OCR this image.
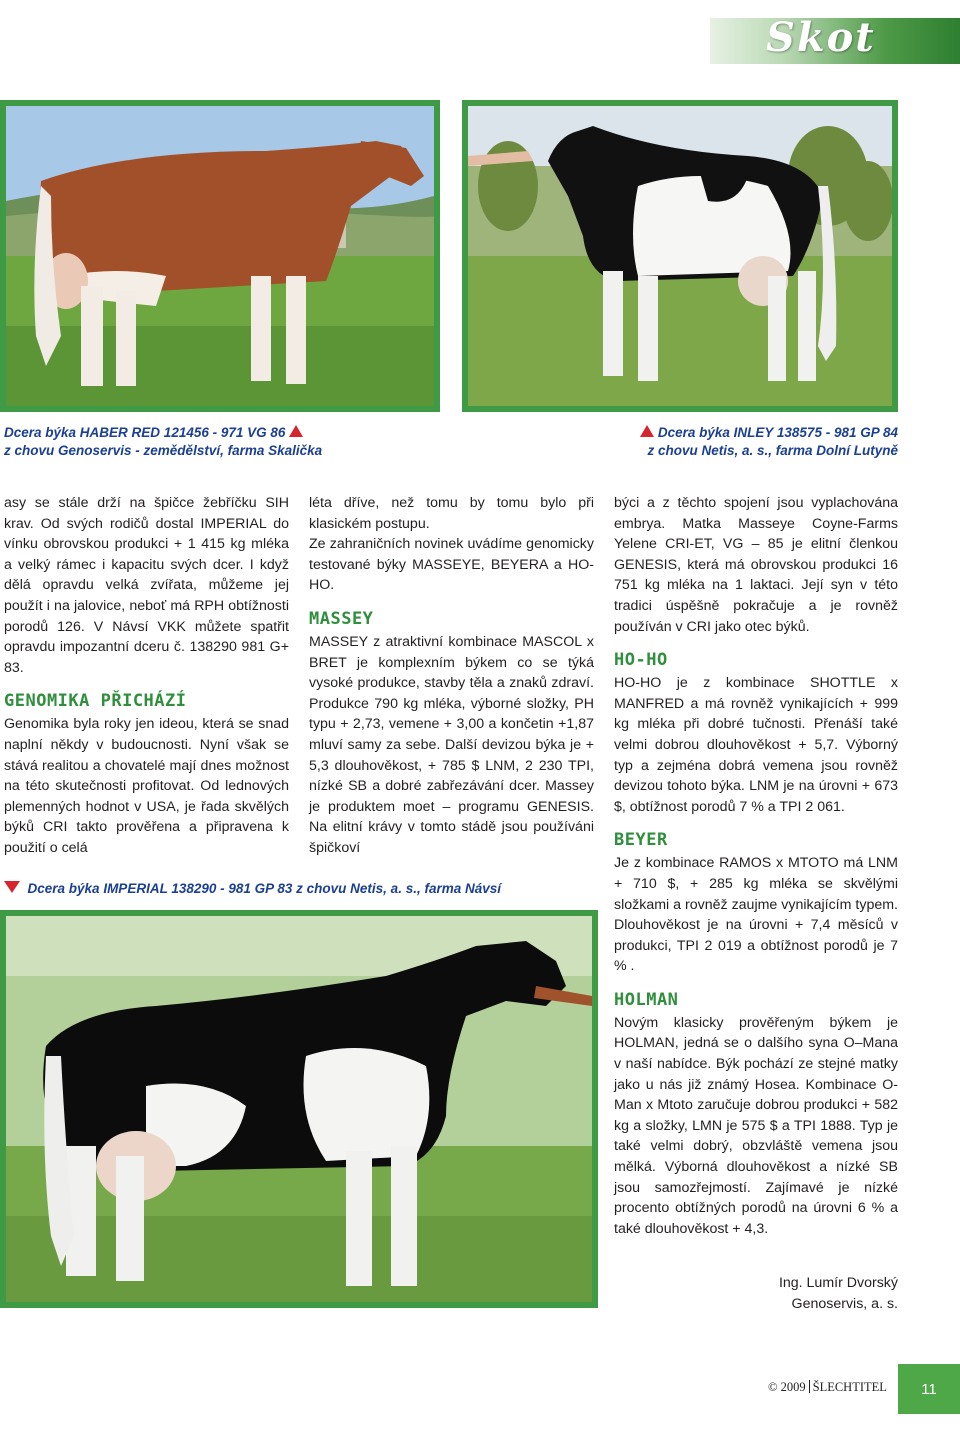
Skot
Dcera býka HABER RED 121456 - 971 VG 86
z chovu Genoservis - zemědělství, farma Skalička
Dcera býka INLEY 138575 - 981 GP 84
z chovu Netis, a. s., farma Dolní Lutyně

asy se stále drží na špičce žebříčku SIH krav. Od svých rodičů dostal IMPERIAL do vínku obrovskou produkci + 1 415 kg mléka a velký rámec i kapacitu svých dcer. I když dělá opravdu velká zvířata, můžeme jej použít i na jalovice, neboť má RPH obtížnosti porodů 126. V Návsí VKK můžete spatřit opravdu impozantní dceru č. 138290 981 G+ 83.

GENOMIKA PŘICHÁZÍ

Genomika byla roky jen ideou, která se snad naplní někdy v budoucnosti. Nyní však se stává realitou a chovatelé mají dnes možnost na této skutečnosti profitovat. Od lednových plemenných hodnot v USA, je řada skvělých býků CRI takto prověřena a připravena k použití o celá

léta dříve, než tomu by tomu bylo při klasickém postupu.

Ze zahraničních novinek uvádíme genomicky testované býky MASSEYE, BEYERA a HO-HO.

MASSEY

MASSEY z atraktivní kombinace MASCOL x BRET je komplexním býkem co se týká vysoké produkce, stavby těla a znaků zdraví. Produkce 790 kg mléka, výborné složky, PH typu + 2,73, vemene + 3,00 a končetin +1,87 mluví samy za sebe. Další devizou býka je + 5,3 dlouhověkost, + 785 $ LNM, 2 230 TPI, nízké SB a dobré zabřezávání dcer. Massey je produktem moet – programu GENESIS. Na elitní krávy v tomto stádě jsou používáni špičkoví

býci a z těchto spojení jsou vyplachována embrya. Matka Masseye Coyne-Farms Yelene CRI-ET, VG – 85 je elitní členkou GENESIS, která má obrovskou produkci 16 751 kg mléka na 1 laktaci. Její syn v této tradici úspěšně pokračuje a je rovněž používán v CRI jako otec býků.

HO-HO

HO-HO je z kombinace SHOTTLE x MANFRED a má rovněž vynikajících + 999 kg mléka při dobré tučnosti. Přenáší také velmi dobrou dlouhověkost + 5,7. Výborný typ a zejména dobrá vemena jsou rovněž devizou tohoto býka. LNM je na úrovni + 673 $, obtížnost porodů 7 % a TPI 2 061.

BEYER

Je z kombinace RAMOS x MTOTO má LNM + 710 $, + 285 kg mléka se skvělými složkami a rovněž zaujme vynikajícím typem. Dlouhověkost je na úrovni + 7,4 měsíců v produkci, TPI 2 019 a obtížnost porodů je 7 % .

HOLMAN

Novým klasicky prověřeným býkem je HOLMAN, jedná se o dalšího syna O–Mana v naší nabídce. Býk pochází ze stejné matky jako u nás již známý Hosea. Kombinace O-Man x Mtoto zaručuje dobrou produkci + 582 kg a složky, LMN je 575 $ a TPI 1888. Typ je také velmi dobrý, obzvláště vemena jsou mělká. Výborná dlouhověkost a nízké SB jsou samozřejmostí. Zajímavé je nízké procento obtížných porodů na úrovni 6 % a také dlouhověkost + 4,3.

Dcera býka IMPERIAL 138290 - 981 GP 83 z chovu Netis, a. s., farma Návsí
Ing. Lumír Dvorský
Genoservis, a. s.
© 2009 ŠLECHTITEL 11
